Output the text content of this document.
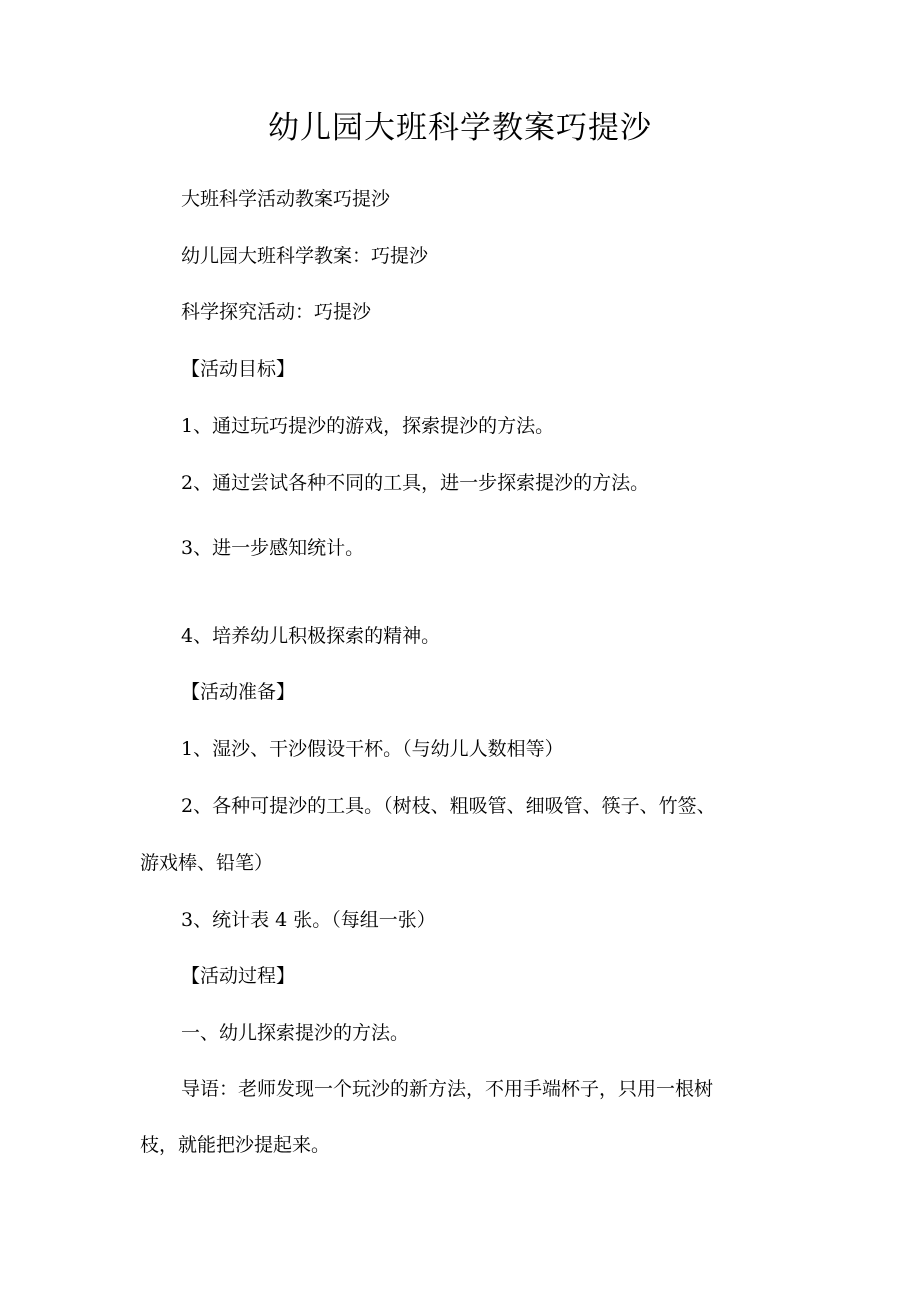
幼儿园大班科学教案巧提沙
大班科学活动教案巧提沙
幼儿园大班科学教案：巧提沙
科学探究活动：巧提沙
【活动目标】
1、通过玩巧提沙的游戏，探索提沙的方法。
2、通过尝试各种不同的工具，进一步探索提沙的方法。
3、进一步感知统计。
4、培养幼儿积极探索的精神。
【活动准备】
1、湿沙、干沙假设干杯。（与幼儿人数相等）
2、各种可提沙的工具。（树枝、粗吸管、细吸管、筷子、竹签、
游戏棒、铅笔）
3、统计表 4 张。（每组一张）
【活动过程】
一、幼儿探索提沙的方法。
导语：老师发现一个玩沙的新方法，不用手端杯子，只用一根树
枝，就能把沙提起来。
